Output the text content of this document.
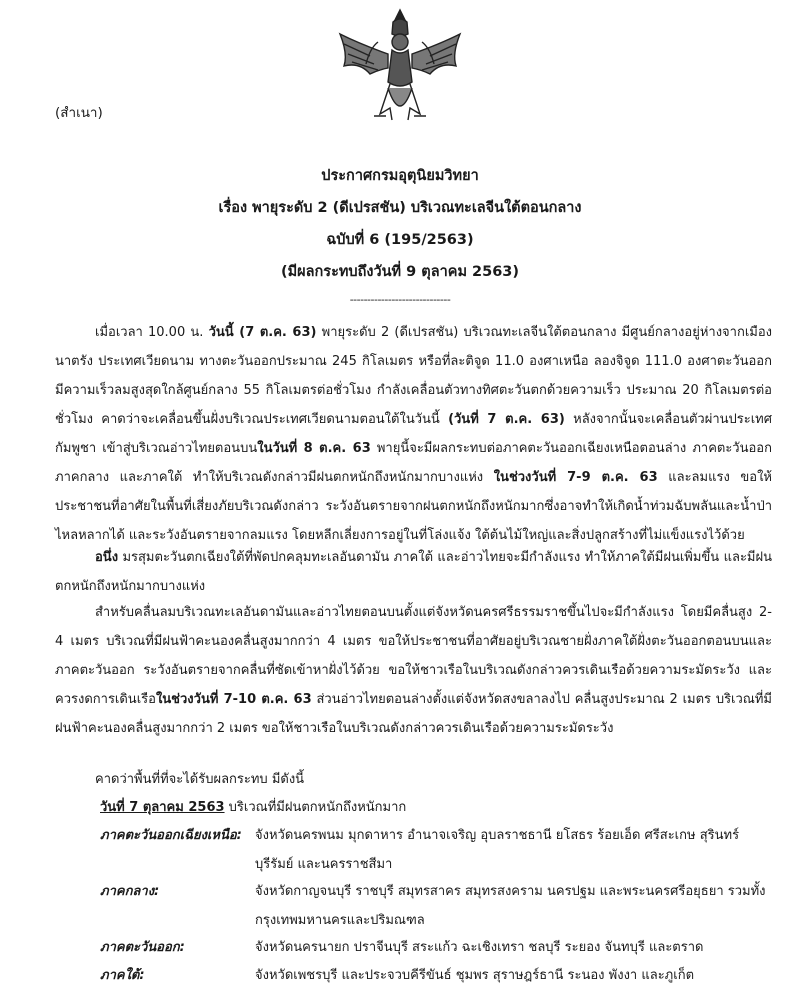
(สำเนา)
ประกาศกรมอุตุนิยมวิทยา
เรื่อง พายุระดับ 2 (ดีเปรสชัน) บริเวณทะเลจีนใต้ตอนกลาง
ฉบับที่ 6 (195/2563)
(มีผลกระทบถึงวันที่ 9 ตุลาคม 2563)
-----------------------------
เมื่อเวลา 10.00 น. วันนี้ (7 ต.ค. 63) พายุระดับ 2 (ดีเปรสชัน) บริเวณทะเลจีนใต้ตอนกลาง มีศูนย์กลางอยู่ห่างจากเมืองนาตรัง ประเทศเวียดนาม ทางตะวันออกประมาณ 245 กิโลเมตร หรือที่ละติจูด 11.0 องศาเหนือ ลองจิจูด 111.0 องศาตะวันออก มีความเร็วลมสูงสุดใกล้ศูนย์กลาง 55 กิโลเมตรต่อชั่วโมง กำลังเคลื่อนตัวทางทิศตะวันตกด้วยความเร็ว ประมาณ 20 กิโลเมตรต่อชั่วโมง คาดว่าจะเคลื่อนขึ้นฝั่งบริเวณประเทศเวียดนามตอนใต้ในวันนี้ (วันที่ 7 ต.ค. 63) หลังจากนั้นจะเคลื่อนตัวผ่านประเทศกัมพูชา เข้าสู่บริเวณอ่าวไทยตอนบนในวันที่ 8 ต.ค. 63 พายุนี้จะมีผลกระทบต่อภาคตะวันออกเฉียงเหนือตอนล่าง ภาคตะวันออก ภาคกลาง และภาคใต้ ทำให้บริเวณดังกล่าวมีฝนตกหนักถึงหนักมากบางแห่ง ในช่วงวันที่ 7-9 ต.ค. 63 และลมแรง ขอให้ประชาชนที่อาศัยในพื้นที่เสี่ยงภัยบริเวณดังกล่าว ระวังอันตรายจากฝนตกหนักถึงหนักมากซึ่งอาจทำให้เกิดน้ำท่วมฉับพลันและน้ำป่าไหลหลากได้ และระวังอันตรายจากลมแรง โดยหลีกเลี่ยงการอยู่ในที่โล่งแจ้ง ใต้ต้นไม้ใหญ่และสิ่งปลูกสร้างที่ไม่แข็งแรงไว้ด้วย
อนึ่ง มรสุมตะวันตกเฉียงใต้ที่พัดปกคลุมทะเลอันดามัน ภาคใต้ และอ่าวไทยจะมีกำลังแรง ทำให้ภาคใต้มีฝนเพิ่มขึ้น และมีฝนตกหนักถึงหนักมากบางแห่ง
สำหรับคลื่นลมบริเวณทะเลอันดามันและอ่าวไทยตอนบนตั้งแต่จังหวัดนครศรีธรรมราชขึ้นไปจะมีกำลังแรง โดยมีคลื่นสูง 2-4 เมตร บริเวณที่มีฝนฟ้าคะนองคลื่นสูงมากกว่า 4 เมตร ขอให้ประชาชนที่อาศัยอยู่บริเวณชายฝั่งภาคใต้ฝั่งตะวันออกตอนบนและภาคตะวันออก ระวังอันตรายจากคลื่นที่ซัดเข้าหาฝั่งไว้ด้วย ขอให้ชาวเรือในบริเวณดังกล่าวควรเดินเรือด้วยความระมัดระวัง และควรงดการเดินเรือในช่วงวันที่ 7-10 ต.ค. 63 ส่วนอ่าวไทยตอนล่างตั้งแต่จังหวัดสงขลาลงไป คลื่นสูงประมาณ 2 เมตร บริเวณที่มีฝนฟ้าคะนองคลื่นสูงมากกว่า 2 เมตร ขอให้ชาวเรือในบริเวณดังกล่าวควรเดินเรือด้วยความระมัดระวัง
คาดว่าพื้นที่ที่จะได้รับผลกระทบ มีดังนี้
วันที่ 7 ตุลาคม 2563 บริเวณที่มีฝนตกหนักถึงหนักมาก
ภาคตะวันออกเฉียงเหนือ: จังหวัดนครพนม มุกดาหาร อำนาจเจริญ อุบลราชธานี ยโสธร ร้อยเอ็ด ศรีสะเกษ สุรินทร์ บุรีรัมย์ และนครราชสีมา
ภาคกลาง:	จังหวัดกาญจนบุรี ราชบุรี สมุทรสาคร สมุทรสงคราม นครปฐม และพระนครศรีอยุธยา รวมทั้งกรุงเทพมหานครและปริมณฑล
ภาคตะวันออก:	จังหวัดนครนายก ปราจีนบุรี สระแก้ว ฉะเชิงเทรา ชลบุรี ระยอง จันทบุรี และตราด
ภาคใต้:	จังหวัดเพชรบุรี และประจวบคีรีขันธ์ ชุมพร สุราษฎร์ธานี ระนอง พังงา และภูเก็ต
